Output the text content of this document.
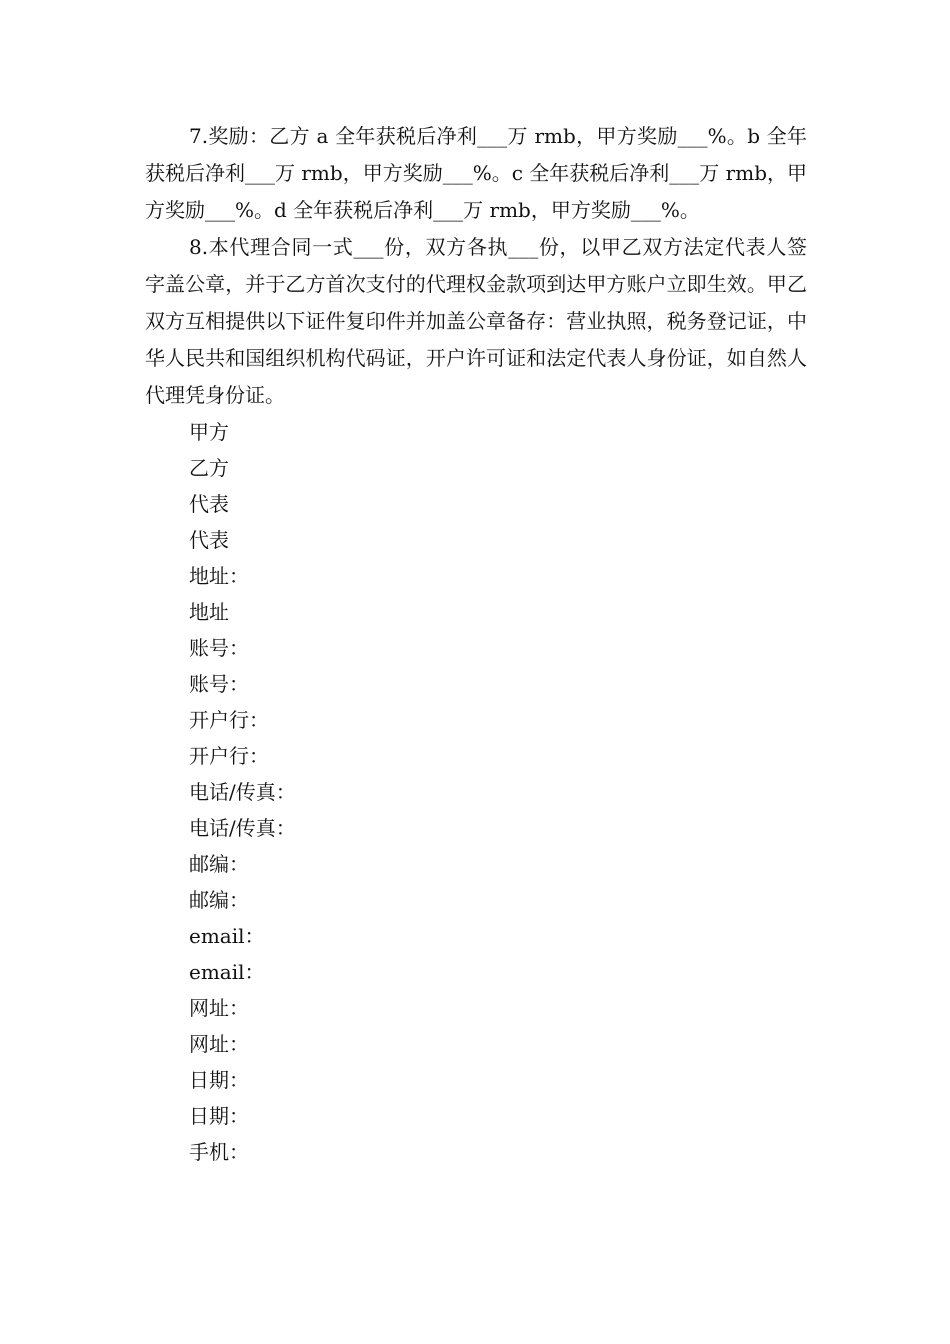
7.奖励：乙方 a 全年获税后净利___万 rmb，甲方奖励___%。b 全年获税后净利___万 rmb，甲方奖励___%。c 全年获税后净利___万 rmb，甲方奖励___%。d 全年获税后净利___万 rmb，甲方奖励___%。

8.本代理合同一式___份，双方各执___份，以甲乙双方法定代表人签字盖公章，并于乙方首次支付的代理权金款项到达甲方账户立即生效。甲乙双方互相提供以下证件复印件并加盖公章备存：营业执照，税务登记证，中华人民共和国组织机构代码证，开户许可证和法定代表人身份证，如自然人代理凭身份证。

甲方
乙方
代表
代表
地址：
地址
账号：
账号：
开户行：
开户行：
电话/传真：
电话/传真：
邮编：
邮编：
email：
email：
网址：
网址：
日期：
日期：
手机：
